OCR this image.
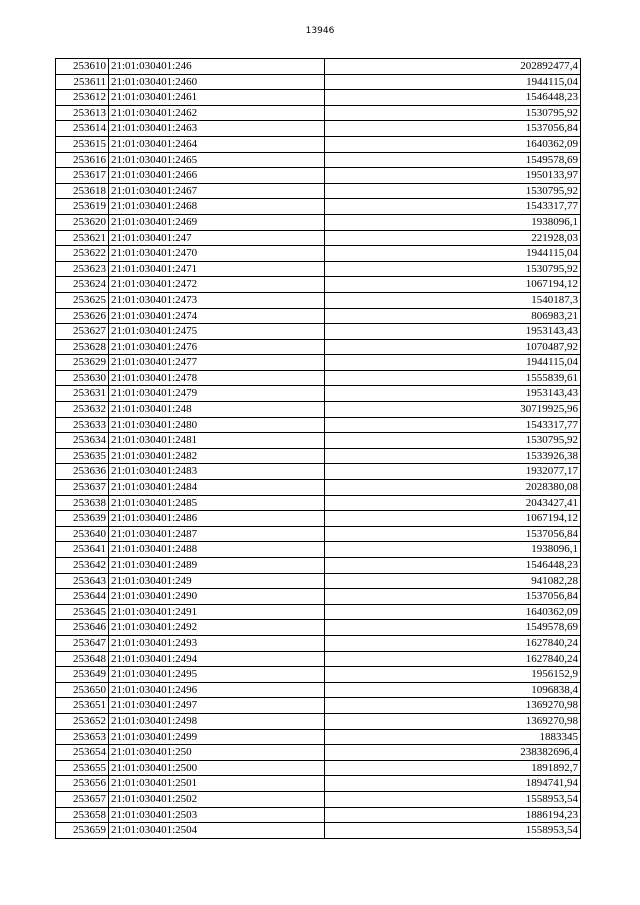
13946
253610	21:01:030401:246	202892477,4
253611	21:01:030401:2460	1944115,04
253612	21:01:030401:2461	1546448,23
253613	21:01:030401:2462	1530795,92
253614	21:01:030401:2463	1537056,84
253615	21:01:030401:2464	1640362,09
253616	21:01:030401:2465	1549578,69
253617	21:01:030401:2466	1950133,97
253618	21:01:030401:2467	1530795,92
253619	21:01:030401:2468	1543317,77
253620	21:01:030401:2469	1938096,1
253621	21:01:030401:247	221928,03
253622	21:01:030401:2470	1944115,04
253623	21:01:030401:2471	1530795,92
253624	21:01:030401:2472	1067194,12
253625	21:01:030401:2473	1540187,3
253626	21:01:030401:2474	806983,21
253627	21:01:030401:2475	1953143,43
253628	21:01:030401:2476	1070487,92
253629	21:01:030401:2477	1944115,04
253630	21:01:030401:2478	1555839,61
253631	21:01:030401:2479	1953143,43
253632	21:01:030401:248	30719925,96
253633	21:01:030401:2480	1543317,77
253634	21:01:030401:2481	1530795,92
253635	21:01:030401:2482	1533926,38
253636	21:01:030401:2483	1932077,17
253637	21:01:030401:2484	2028380,08
253638	21:01:030401:2485	2043427,41
253639	21:01:030401:2486	1067194,12
253640	21:01:030401:2487	1537056,84
253641	21:01:030401:2488	1938096,1
253642	21:01:030401:2489	1546448,23
253643	21:01:030401:249	941082,28
253644	21:01:030401:2490	1537056,84
253645	21:01:030401:2491	1640362,09
253646	21:01:030401:2492	1549578,69
253647	21:01:030401:2493	1627840,24
253648	21:01:030401:2494	1627840,24
253649	21:01:030401:2495	1956152,9
253650	21:01:030401:2496	1096838,4
253651	21:01:030401:2497	1369270,98
253652	21:01:030401:2498	1369270,98
253653	21:01:030401:2499	1883345
253654	21:01:030401:250	238382696,4
253655	21:01:030401:2500	1891892,7
253656	21:01:030401:2501	1894741,94
253657	21:01:030401:2502	1558953,54
253658	21:01:030401:2503	1886194,23
253659	21:01:030401:2504	1558953,54
